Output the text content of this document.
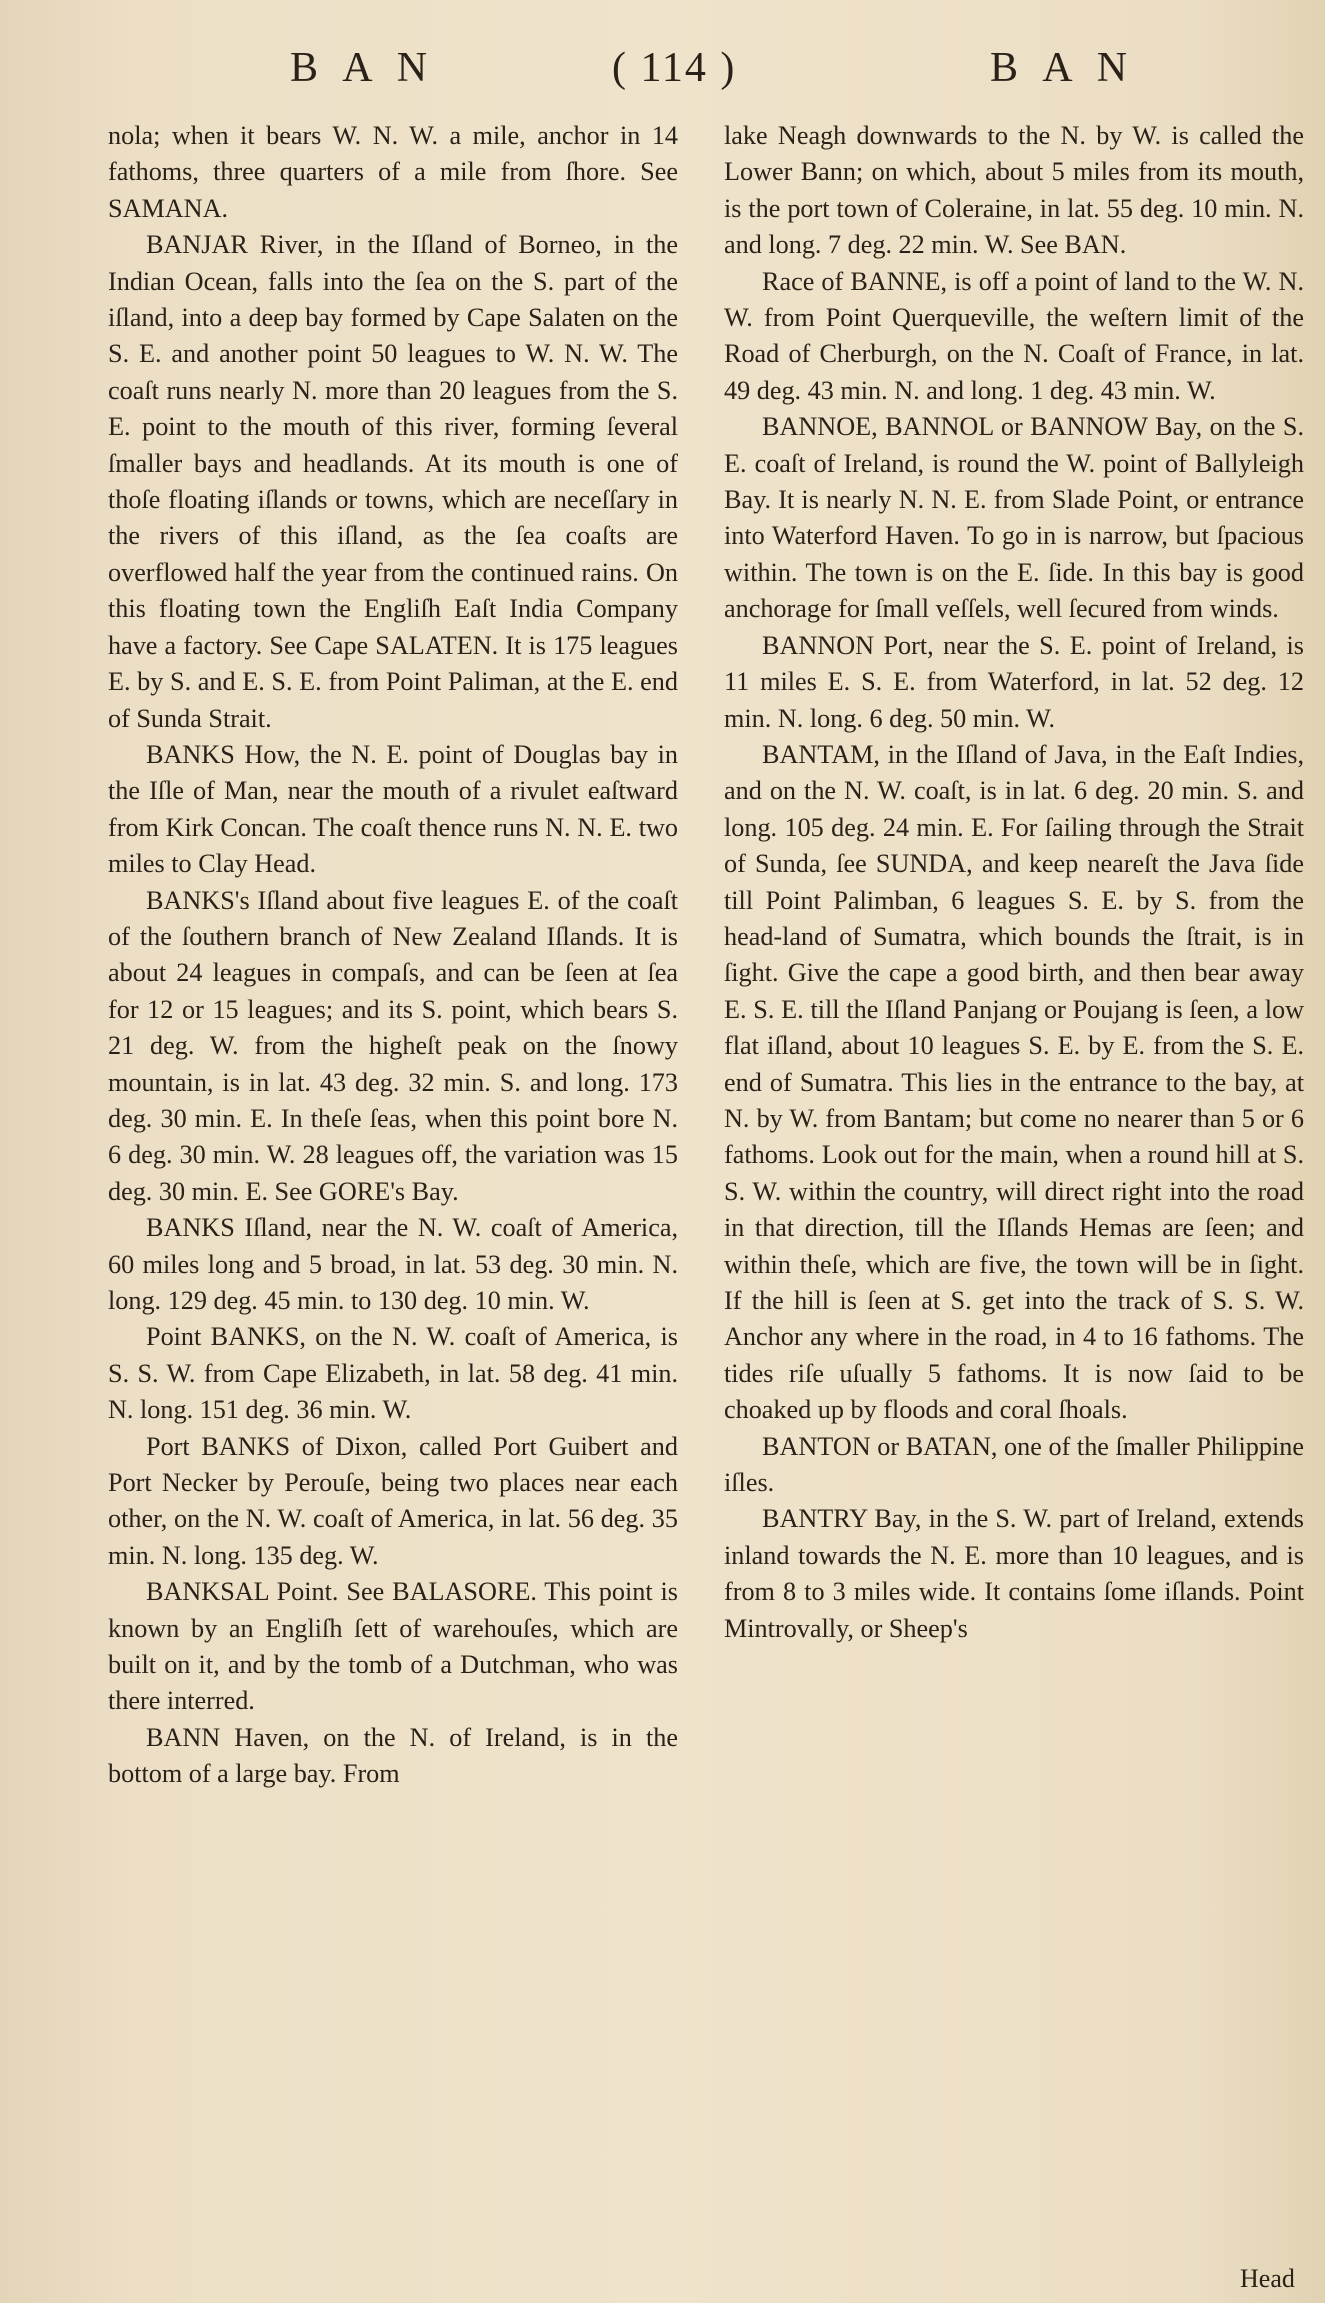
B A N	( 114 )	B A N

nola; when it bears W. N. W. a mile, anchor in 14 fathoms, three quarters of a mile from ſhore. See SAMANA.

BANJAR River, in the Iſland of Borneo, in the Indian Ocean, falls into the ſea on the S. part of the iſland, into a deep bay formed by Cape Salaten on the S. E. and another point 50 leagues to W. N. W. The coaſt runs nearly N. more than 20 leagues from the S. E. point to the mouth of this river, forming ſeveral ſmaller bays and headlands. At its mouth is one of thoſe floating iſlands or towns, which are neceſſary in the rivers of this iſland, as the ſea coaſts are overflowed half the year from the continued rains. On this floating town the Engliſh Eaſt India Company have a factory. See Cape SALATEN. It is 175 leagues E. by S. and E. S. E. from Point Paliman, at the E. end of Sunda Strait.

BANKS How, the N. E. point of Douglas bay in the Iſle of Man, near the mouth of a rivulet eaſtward from Kirk Concan. The coaſt thence runs N. N. E. two miles to Clay Head.

BANKS's Iſland about five leagues E. of the coaſt of the ſouthern branch of New Zealand Iſlands. It is about 24 leagues in compaſs, and can be ſeen at ſea for 12 or 15 leagues; and its S. point, which bears S. 21 deg. W. from the higheſt peak on the ſnowy mountain, is in lat. 43 deg. 32 min. S. and long. 173 deg. 30 min. E. In theſe ſeas, when this point bore N. 6 deg. 30 min. W. 28 leagues off, the variation was 15 deg. 30 min. E. See GORE's Bay.

BANKS Iſland, near the N. W. coaſt of America, 60 miles long and 5 broad, in lat. 53 deg. 30 min. N. long. 129 deg. 45 min. to 130 deg. 10 min. W.

Point BANKS, on the N. W. coaſt of America, is S. S. W. from Cape Elizabeth, in lat. 58 deg. 41 min. N. long. 151 deg. 36 min. W.

Port BANKS of Dixon, called Port Guibert and Port Necker by Perouſe, being two places near each other, on the N. W. coaſt of America, in lat. 56 deg. 35 min. N. long. 135 deg. W.

BANKSAL Point. See BALASORE. This point is known by an Engliſh ſett of warehouſes, which are built on it, and by the tomb of a Dutchman, who was there interred.

BANN Haven, on the N. of Ireland, is in the bottom of a large bay. From

lake Neagh downwards to the N. by W. is called the Lower Bann; on which, about 5 miles from its mouth, is the port town of Coleraine, in lat. 55 deg. 10 min. N. and long. 7 deg. 22 min. W. See BAN.

Race of BANNE, is off a point of land to the W. N. W. from Point Querqueville, the weſtern limit of the Road of Cherburgh, on the N. Coaſt of France, in lat. 49 deg. 43 min. N. and long. 1 deg. 43 min. W.

BANNOE, BANNOL or BANNOW Bay, on the S. E. coaſt of Ireland, is round the W. point of Ballyleigh Bay. It is nearly N. N. E. from Slade Point, or entrance into Waterford Haven. To go in is narrow, but ſpacious within. The town is on the E. ſide. In this bay is good anchorage for ſmall veſſels, well ſecured from winds.

BANNON Port, near the S. E. point of Ireland, is 11 miles E. S. E. from Waterford, in lat. 52 deg. 12 min. N. long. 6 deg. 50 min. W.

BANTAM, in the Iſland of Java, in the Eaſt Indies, and on the N. W. coaſt, is in lat. 6 deg. 20 min. S. and long. 105 deg. 24 min. E. For ſailing through the Strait of Sunda, ſee SUNDA, and keep neareſt the Java ſide till Point Palimban, 6 leagues S. E. by S. from the head-land of Sumatra, which bounds the ſtrait, is in ſight. Give the cape a good birth, and then bear away E. S. E. till the Iſland Panjang or Poujang is ſeen, a low flat iſland, about 10 leagues S. E. by E. from the S. E. end of Sumatra. This lies in the entrance to the bay, at N. by W. from Bantam; but come no nearer than 5 or 6 fathoms. Look out for the main, when a round hill at S. S. W. within the country, will direct right into the road in that direction, till the Iſlands Hemas are ſeen; and within theſe, which are five, the town will be in ſight. If the hill is ſeen at S. get into the track of S. S. W. Anchor any where in the road, in 4 to 16 fathoms. The tides riſe uſually 5 fathoms. It is now ſaid to be choaked up by floods and coral ſhoals.

BANTON or BATAN, one of the ſmaller Philippine iſles.

BANTRY Bay, in the S. W. part of Ireland, extends inland towards the N. E. more than 10 leagues, and is from 8 to 3 miles wide. It contains ſome iſlands. Point Mintrovally, or Sheep's

Head
